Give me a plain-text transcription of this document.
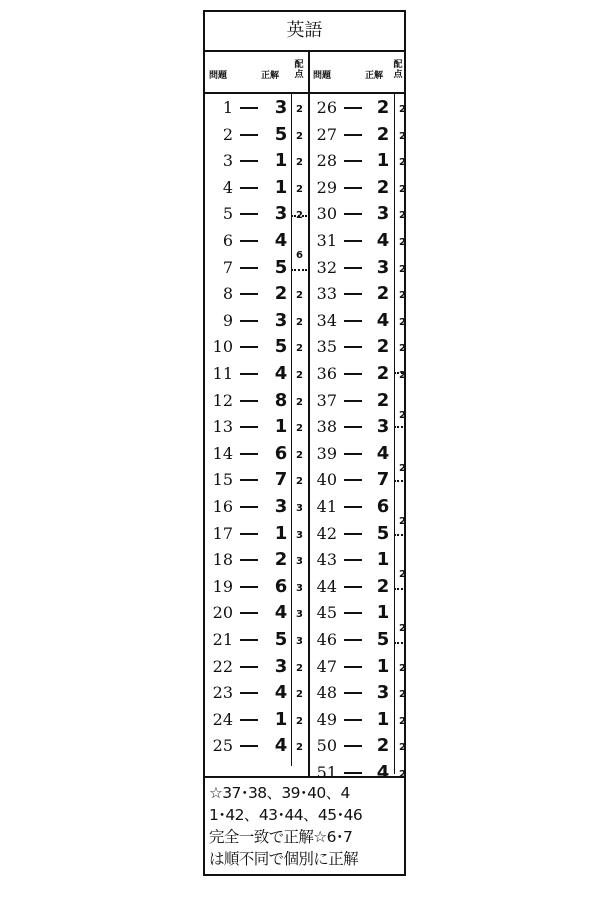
英語
問題	正解
配点 問題	正解
配点
1 3 2
2 5 2
3 1 2
4 1 2
5 3 2
6 4
6
7 5
8 2 2
9 3 2
10 5 2
11 4 2
12 8 2
13 1 2
14 6 2
15 7 2
16 3 3
17 1 3
18 2 3
19 6 3
20 4 3
21 5 3
22 3 2
23 4 2
24 1 2
25 4 2
26 2 2
27 2 2
28 1 2
29 2 2
30 3 2
31 4 2
32 3 2
33 2 2
34 4 2
35 2 2
36 2 2
37 2
2
38 3
39 4
2
40 7
41 6
2
42 5
43 1
2
44 2
45 1
2
46 5
47 1 2
48 3 2
49 1 2
50 2 2
51 4 2
☆37･38、39･40、4
1･42、43･44、45･46
完全一致で正解☆6･7
は順不同で個別に正解
